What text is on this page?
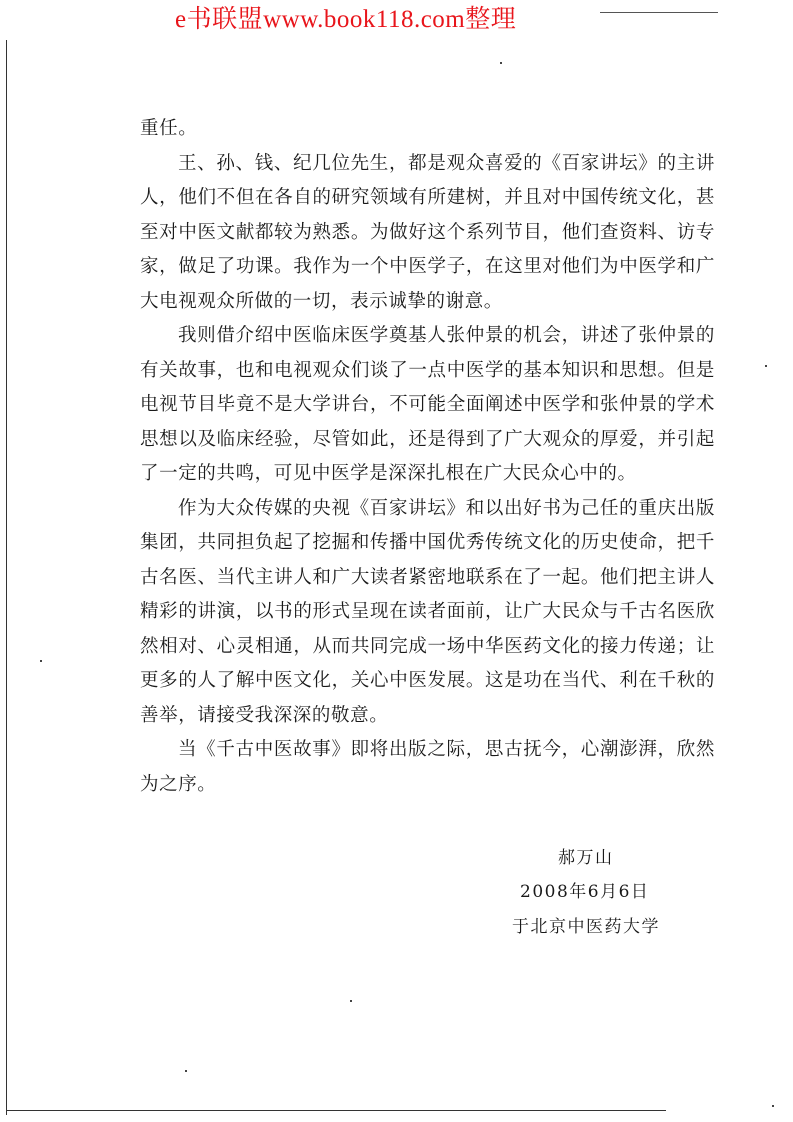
e书联盟www.book118.com整理

重任。

王、孙、钱、纪几位先生，都是观众喜爱的《百家讲坛》的主讲人，他们不但在各自的研究领域有所建树，并且对中国传统文化，甚至对中医文献都较为熟悉。为做好这个系列节目，他们查资料、访专家，做足了功课。我作为一个中医学子，在这里对他们为中医学和广大电视观众所做的一切，表示诚挚的谢意。

我则借介绍中医临床医学奠基人张仲景的机会，讲述了张仲景的有关故事，也和电视观众们谈了一点中医学的基本知识和思想。但是电视节目毕竟不是大学讲台，不可能全面阐述中医学和张仲景的学术思想以及临床经验，尽管如此，还是得到了广大观众的厚爱，并引起了一定的共鸣，可见中医学是深深扎根在广大民众心中的。

作为大众传媒的央视《百家讲坛》和以出好书为己任的重庆出版集团，共同担负起了挖掘和传播中国优秀传统文化的历史使命，把千古名医、当代主讲人和广大读者紧密地联系在了一起。他们把主讲人精彩的讲演，以书的形式呈现在读者面前，让广大民众与千古名医欣然相对、心灵相通，从而共同完成一场中华医药文化的接力传递；让更多的人了解中医文化，关心中医发展。这是功在当代、利在千秋的善举，请接受我深深的敬意。

当《千古中医故事》即将出版之际，思古抚今，心潮澎湃，欣然为之序。

郝万山
2008年6月6日
于北京中医药大学
